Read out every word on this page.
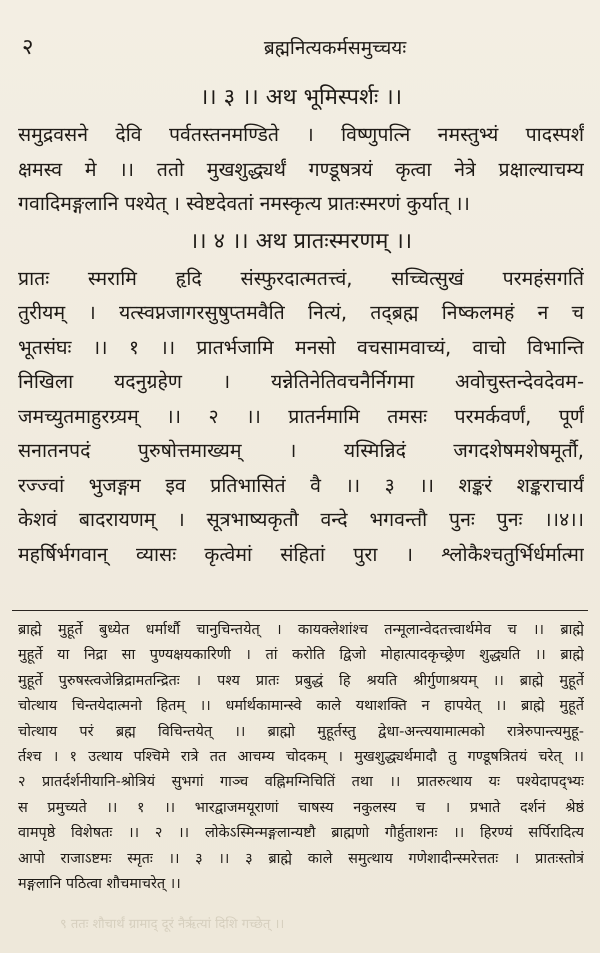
२	ब्रह्मनित्यकर्मसमुच्चयः
।। ३ ।। अथ भूमिस्पर्शः ।।
समुद्रवसने देवि पर्वतस्तनमण्डिते । विष्णुपत्नि नमस्तुभ्यं पादस्पर्शं
क्षमस्व मे ।। ततो मुखशुद्ध्यर्थं गण्डूषत्रयं कृत्वा नेत्रे प्रक्षाल्याचम्य
गवादिमङ्गलानि पश्येत् । स्वेष्टदेवतां नमस्कृत्य प्रातःस्मरणं कुर्यात् ।।
।। ४ ।। अथ प्रातःस्मरणम् ।।
प्रातः स्मरामि हृदि संस्फुरदात्मतत्त्वं, सच्चित्सुखं परमहंसगतिं
तुरीयम् । यत्स्वप्नजागरसुषुप्तमवैति नित्यं, तद्ब्रह्म निष्कलमहं न च
भूतसंघः ।। १ ।। प्रातर्भजामि मनसो वचसामवाच्यं, वाचो विभान्ति
निखिला यदनुग्रहेण । यन्नेतिनेतिवचनैर्निगमा अवोचुस्तन्देवदेवम-
जमच्युतमाहुरग्र्यम् ।। २ ।। प्रातर्नमामि तमसः परमर्कवर्णं, पूर्णं
सनातनपदं पुरुषोत्तमाख्यम् । यस्मिन्निदं जगदशेषमशेषमूर्तौ,
रज्ज्वां भुजङ्गम इव प्रतिभासितं वै ।। ३ ।। शङ्करं शङ्कराचार्यं
केशवं बादरायणम् । सूत्रभाष्यकृतौ वन्दे भगवन्तौ पुनः पुनः ।।४।।
महर्षिर्भगवान् व्यासः कृत्वेमां संहितां पुरा । श्लोकैश्चतुर्भिर्धर्मात्मा
ब्राह्मे मुहूर्ते बुध्येत धर्मार्थौ चानुचिन्तयेत् । कायक्लेशांश्च तन्मूलान्वेदतत्त्वार्थमेव च ।। ब्राह्मे
मुहूर्ते या निद्रा सा पुण्यक्षयकारिणी । तां करोति द्विजो मोहात्पादकृच्छ्रेण शुद्ध्यति ।। ब्राह्मे
मुहूर्ते पुरुषस्त्वजेन्निद्रामतन्द्रितः । पश्य प्रातः प्रबुद्धं हि श्रयति श्रीर्गुणाश्रयम् ।। ब्राह्मे मुहूर्ते
चोत्थाय चिन्तयेदात्मनो हितम् ।। धर्मार्थकामान्स्वे काले यथाशक्ति न हापयेत् ।। ब्राह्मे मुहूर्ते
चोत्थाय परं ब्रह्म विचिन्तयेत् ।। ब्राह्मो मुहूर्तस्तु द्वेधा-अन्त्ययामात्मको रात्रेरुपान्त्यमुहू-
र्तश्च । १ उत्थाय पश्चिमे रात्रे तत आचम्य चोदकम् । मुखशुद्ध्यर्थमादौ तु गण्डूषत्रितयं चरेत् ।।
२ प्रातर्दर्शनीयानि-श्रोत्रियं सुभगां गाञ्च वह्निमग्निचितिं तथा ।। प्रातरुत्थाय यः पश्येदापद्भ्यः
स प्रमुच्यते ।। १ ।। भारद्वाजमयूराणां चाषस्य नकुलस्य च । प्रभाते दर्शनं श्रेष्ठं
वामपृष्ठे विशेषतः ।। २ ।। लोकेऽस्मिन्मङ्गलान्यष्टौ ब्राह्मणो गौर्हुताशनः ।। हिरण्यं सर्पिरादित्य
आपो राजाऽष्टमः स्मृतः ।। ३ ।। ३ ब्राह्मे काले समुत्थाय गणेशादीन्स्मरेत्ततः । प्रातःस्तोत्रं
मङ्गलानि पठित्वा शौचमाचरेत् ।।
९ ततः शौचार्थं ग्रामाद् दूरं नैर्ऋत्यां दिशि गच्छेत् ।।
